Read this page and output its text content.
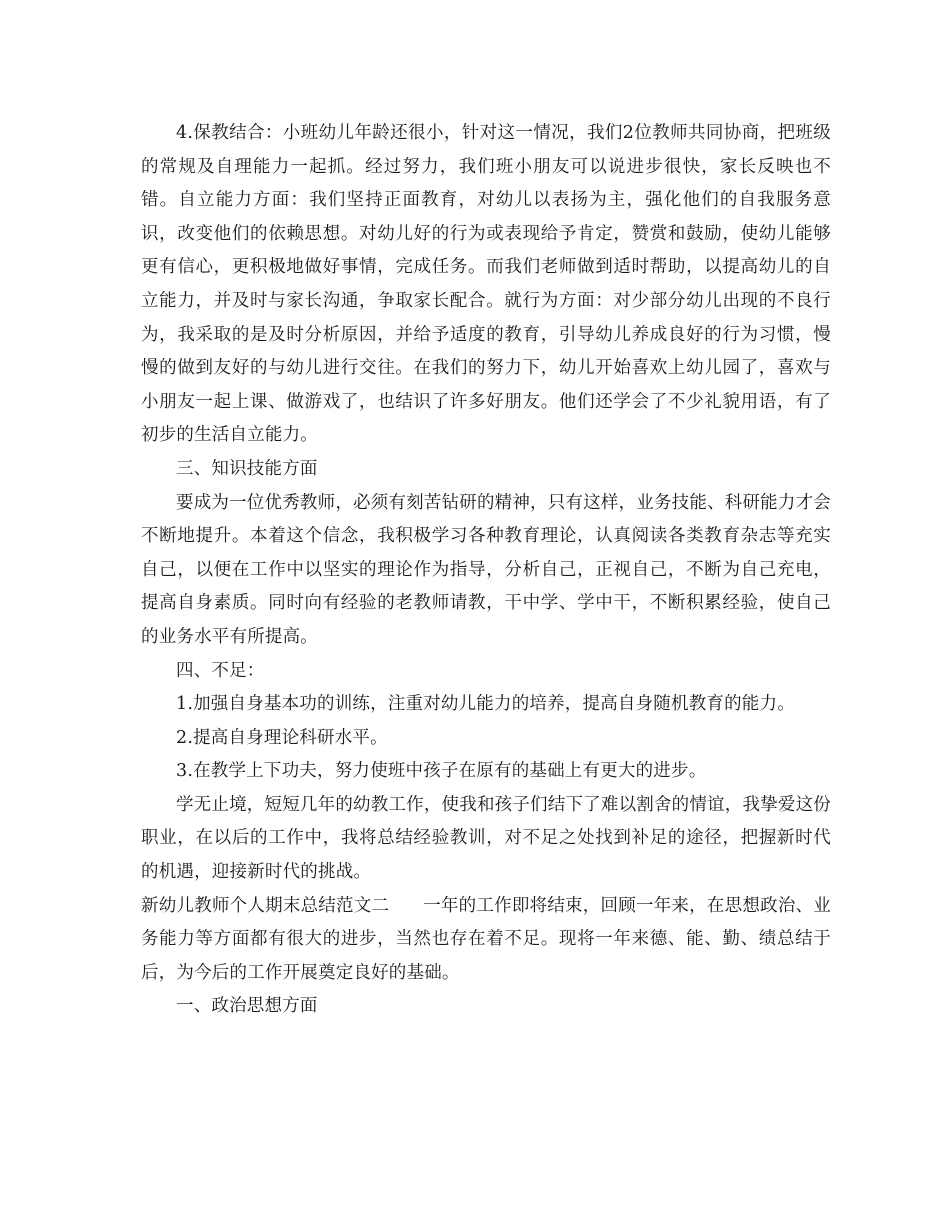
4.保教结合：小班幼儿年龄还很小，针对这一情况，我们2位教师共同协商，把班级的常规及自理能力一起抓。经过努力，我们班小朋友可以说进步很快，家长反映也不错。自立能力方面：我们坚持正面教育，对幼儿以表扬为主，强化他们的自我服务意识，改变他们的依赖思想。对幼儿好的行为或表现给予肯定，赞赏和鼓励，使幼儿能够更有信心，更积极地做好事情，完成任务。而我们老师做到适时帮助，以提高幼儿的自立能力，并及时与家长沟通，争取家长配合。就行为方面：对少部分幼儿出现的不良行为，我采取的是及时分析原因，并给予适度的教育，引导幼儿养成良好的行为习惯，慢慢的做到友好的与幼儿进行交往。在我们的努力下，幼儿开始喜欢上幼儿园了，喜欢与小朋友一起上课、做游戏了，也结识了许多好朋友。他们还学会了不少礼貌用语，有了初步的生活自立能力。

三、知识技能方面

要成为一位优秀教师，必须有刻苦钻研的精神，只有这样，业务技能、科研能力才会不断地提升。本着这个信念，我积极学习各种教育理论，认真阅读各类教育杂志等充实自己，以便在工作中以坚实的理论作为指导，分析自己，正视自己，不断为自己充电，提高自身素质。同时向有经验的老教师请教，干中学、学中干，不断积累经验，使自己的业务水平有所提高。

四、不足：

1.加强自身基本功的训练，注重对幼儿能力的培养，提高自身随机教育的能力。

2.提高自身理论科研水平。

3.在教学上下功夫，努力使班中孩子在原有的基础上有更大的进步。

学无止境，短短几年的幼教工作，使我和孩子们结下了难以割舍的情谊，我挚爱这份职业，在以后的工作中，我将总结经验教训，对不足之处找到补足的途径，把握新时代的机遇，迎接新时代的挑战。

新幼儿教师个人期末总结范文二 一年的工作即将结束，回顾一年来，在思想政治、业务能力等方面都有很大的进步，当然也存在着不足。现将一年来德、能、勤、绩总结于后，为今后的工作开展奠定良好的基础。

一、政治思想方面
